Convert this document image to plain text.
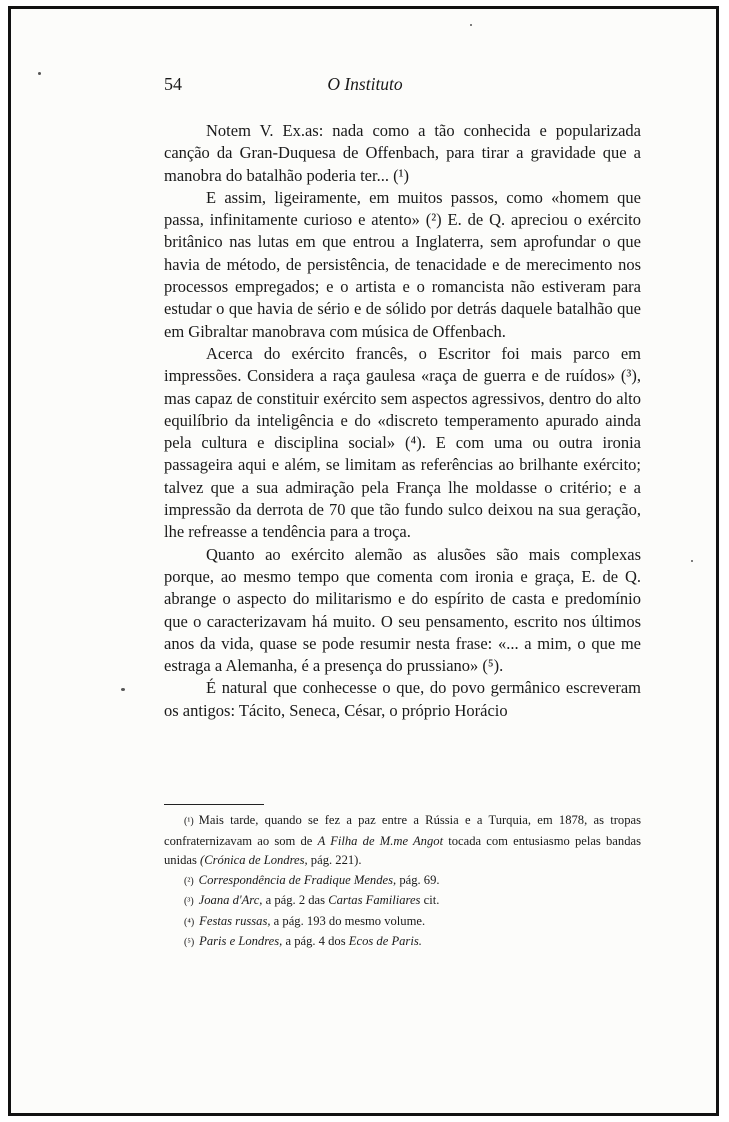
54	O Instituto

Notem V. Ex.as: nada como a tão conhecida e popularizada canção da Gran-Duquesa de Offenbach, para tirar a gravidade que a manobra do batalhão poderia ter... (¹)

E assim, ligeiramente, em muitos passos, como «homem que passa, infinitamente curioso e atento» (²) E. de Q. apreciou o exército britânico nas lutas em que entrou a Inglaterra, sem aprofundar o que havia de método, de persistência, de tenacidade e de merecimento nos processos empregados; e o artista e o romancista não estiveram para estudar o que havia de sério e de sólido por detrás daquele batalhão que em Gibraltar manobrava com música de Offenbach.

Acerca do exército francês, o Escritor foi mais parco em impressões. Considera a raça gaulesa «raça de guerra e de ruídos» (³), mas capaz de constituir exército sem aspectos agressivos, dentro do alto equilíbrio da inteligência e do «discreto temperamento apurado ainda pela cultura e disciplina social» (⁴). E com uma ou outra ironia passageira aqui e além, se limitam as referências ao brilhante exército; talvez que a sua admiração pela França lhe moldasse o critério; e a impressão da derrota de 70 que tão fundo sulco deixou na sua geração, lhe refreasse a tendência para a troça.

Quanto ao exército alemão as alusões são mais complexas porque, ao mesmo tempo que comenta com ironia e graça, E. de Q. abrange o aspecto do militarismo e do espírito de casta e predomínio que o caracterizavam há muito. O seu pensamento, escrito nos últimos anos da vida, quase se pode resumir nesta frase: «... a mim, o que me estraga a Alemanha, é a presença do prussiano» (⁵).

É natural que conhecesse o que, do povo germânico escreveram os antigos: Tácito, Seneca, César, o próprio Horácio

(¹) Mais tarde, quando se fez a paz entre a Rússia e a Turquia, em 1878, as tropas confraternizavam ao som de A Filha de M.me Angot tocada com entusiasmo pelas bandas unidas (Crónica de Londres, pág. 221).

(²) Correspondência de Fradique Mendes, pág. 69.

(³) Joana d'Arc, a pág. 2 das Cartas Familiares cit.

(⁴) Festas russas, a pág. 193 do mesmo volume.

(⁵) Paris e Londres, a pág. 4 dos Ecos de Paris.
